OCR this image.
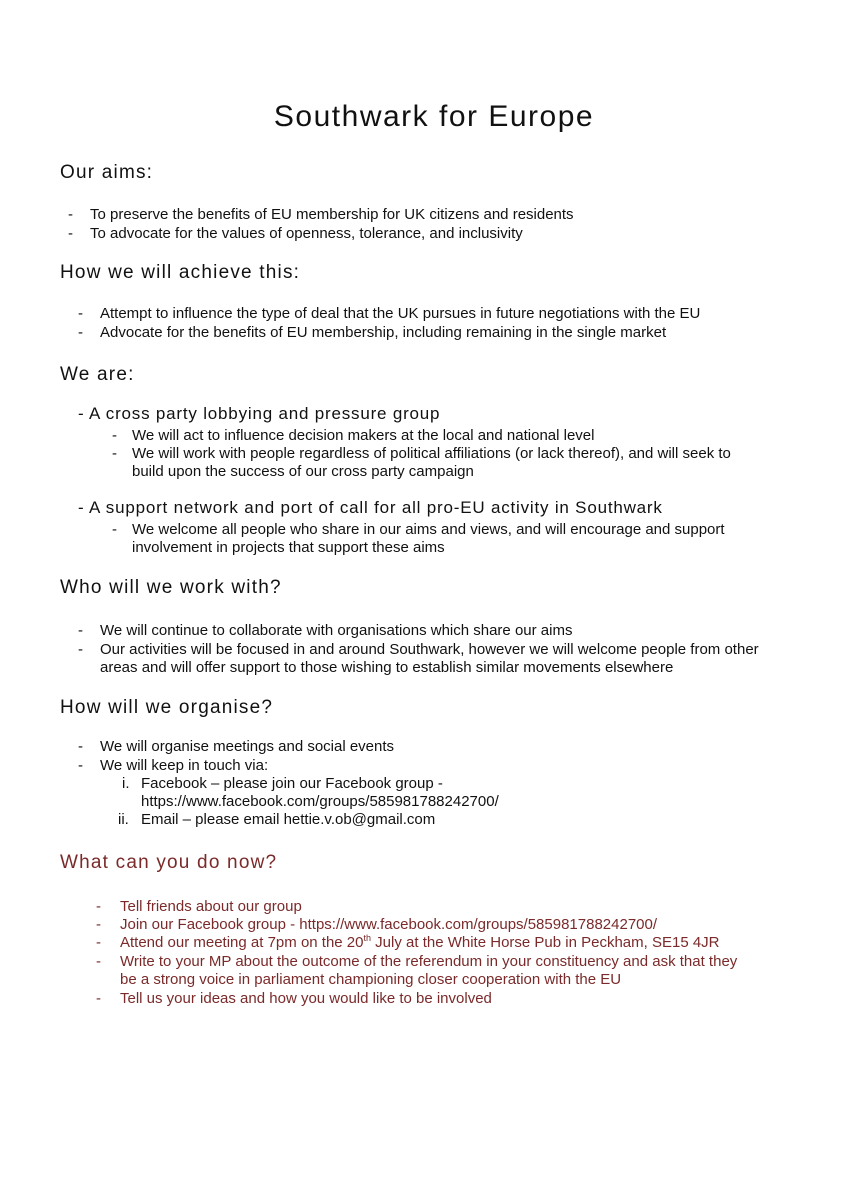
Southwark for Europe
Our aims:
- To preserve the benefits of EU membership for UK citizens and residents
- To advocate for the values of openness, tolerance, and inclusivity
How we will achieve this:
- Attempt to influence the type of deal that the UK pursues in future negotiations with the EU
- Advocate for the benefits of EU membership, including remaining in the single market
We are:
- A cross party lobbying and pressure group
- We will act to influence decision makers at the local and national level
- We will work with people regardless of political affiliations (or lack thereof), and will seek to
build upon the success of our cross party campaign
- A support network and port of call for all pro-EU activity in Southwark
- We welcome all people who share in our aims and views, and will encourage and support
involvement in projects that support these aims
Who will we work with?
- We will continue to collaborate with organisations which share our aims
- Our activities will be focused in and around Southwark, however we will welcome people from other
areas and will offer support to those wishing to establish similar movements elsewhere
How will we organise?
- We will organise meetings and social events
- We will keep in touch via:
i. Facebook – please join our Facebook group -
https://www.facebook.com/groups/585981788242700/
ii. Email – please email hettie.v.ob@gmail.com
What can you do now?
- Tell friends about our group
- Join our Facebook group - https://www.facebook.com/groups/585981788242700/
- Attend our meeting at 7pm on the 20th July at the White Horse Pub in Peckham, SE15 4JR
- Write to your MP about the outcome of the referendum in your constituency and ask that they
be a strong voice in parliament championing closer cooperation with the EU
- Tell us your ideas and how you would like to be involved
